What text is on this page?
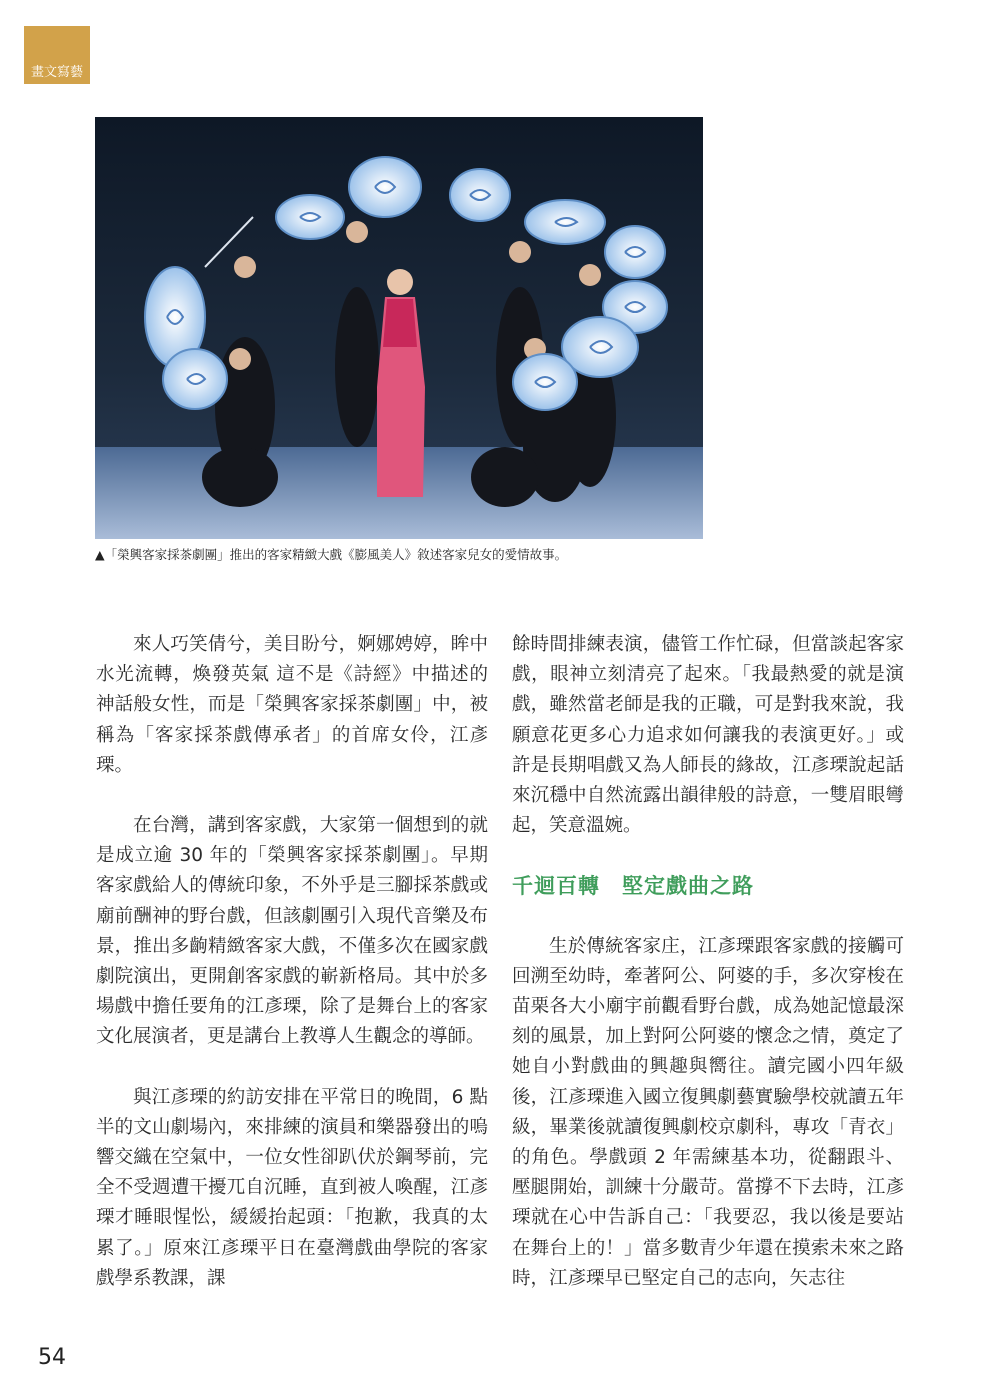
畫文寫藝
▲「榮興客家採茶劇團」推出的客家精緻大戲《膨風美人》敘述客家兒女的愛情故事。

來人巧笑倩兮，美目盼兮，婀娜娉婷，眸中水光流轉，煥發英氣 這不是《詩經》中描述的神話般女性，而是「榮興客家採茶劇團」中，被稱為「客家採茶戲傳承者」的首席女伶，江彥瑮。

在台灣，講到客家戲，大家第一個想到的就是成立逾 30 年的「榮興客家採茶劇團」。早期客家戲給人的傳統印象，不外乎是三腳採茶戲或廟前酬神的野台戲，但該劇團引入現代音樂及布景，推出多齣精緻客家大戲，不僅多次在國家戲劇院演出，更開創客家戲的嶄新格局。其中於多場戲中擔任要角的江彥瑮，除了是舞台上的客家文化展演者，更是講台上教導人生觀念的導師。

與江彥瑮的約訪安排在平常日的晚間，6 點半的文山劇場內，來排練的演員和樂器發出的嗚響交織在空氣中，一位女性卻趴伏於鋼琴前，完全不受週遭干擾兀自沉睡，直到被人喚醒，江彥瑮才睡眼惺忪，緩緩抬起頭：「抱歉，我真的太累了。」原來江彥瑮平日在臺灣戲曲學院的客家戲學系教課，課

餘時間排練表演，儘管工作忙碌，但當談起客家戲，眼神立刻清亮了起來。「我最熱愛的就是演戲，雖然當老師是我的正職，可是對我來說，我願意花更多心力追求如何讓我的表演更好。」或許是長期唱戲又為人師長的緣故，江彥瑮說起話來沉穩中自然流露出韻律般的詩意，一雙眉眼彎起，笑意溫婉。

千迴百轉　堅定戲曲之路

生於傳統客家庄，江彥瑮跟客家戲的接觸可回溯至幼時，牽著阿公、阿婆的手，多次穿梭在苗栗各大小廟宇前觀看野台戲，成為她記憶最深刻的風景，加上對阿公阿婆的懷念之情，奠定了她自小對戲曲的興趣與嚮往。讀完國小四年級後，江彥瑮進入國立復興劇藝實驗學校就讀五年級，畢業後就讀復興劇校京劇科，專攻「青衣」的角色。學戲頭 2 年需練基本功，從翻跟斗、壓腿開始，訓練十分嚴苛。當撐不下去時，江彥瑮就在心中告訴自己：「我要忍，我以後是要站在舞台上的！」當多數青少年還在摸索未來之路時，江彥瑮早已堅定自己的志向，矢志往

54
